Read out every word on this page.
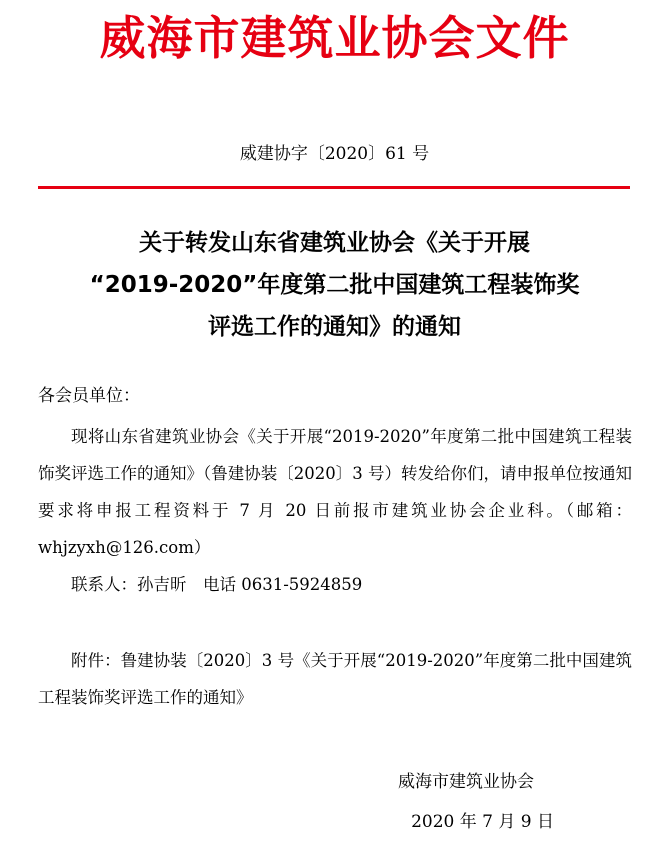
威海市建筑业协会文件
威建协字〔2020〕61 号
关于转发山东省建筑业协会《关于开展
“2019-2020”年度第二批中国建筑工程装饰奖
评选工作的通知》的通知
各会员单位：
现将山东省建筑业协会《关于开展“2019-2020”年度第二批中国建筑工程装饰奖评选工作的通知》（鲁建协装〔2020〕3 号）转发给你们，请申报单位按通知要求将申报工程资料于 7 月 20 日前报市建筑业协会企业科。（邮箱：whjzyxh@126.com）
联系人：孙吉昕　电话 0631-5924859
附件：鲁建协装〔2020〕3 号《关于开展“2019-2020”年度第二批中国建筑工程装饰奖评选工作的通知》
威海市建筑业协会
2020 年 7 月 9 日
